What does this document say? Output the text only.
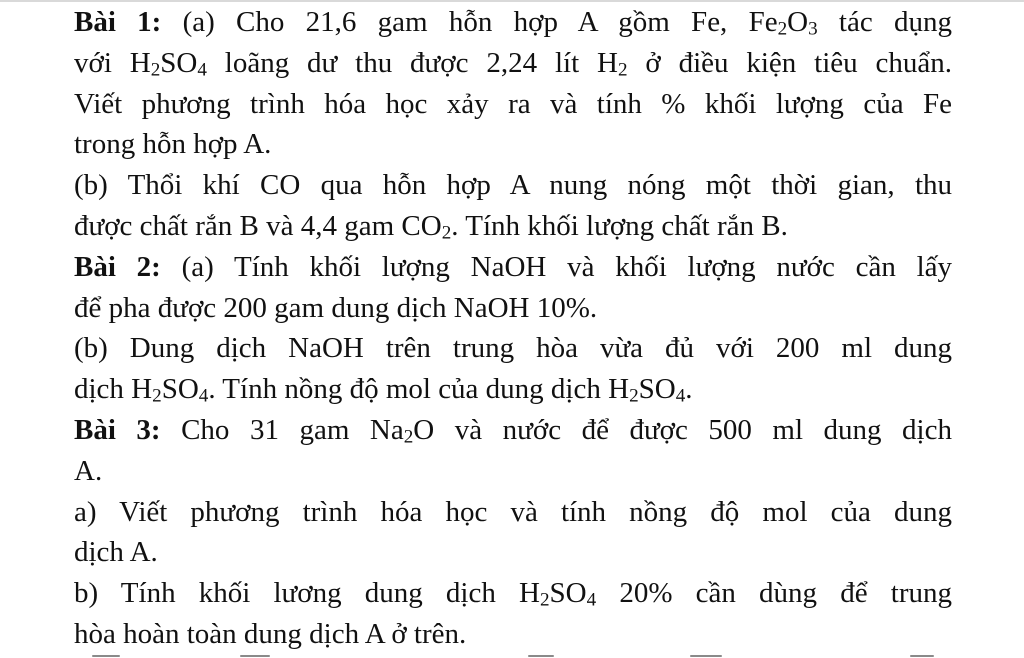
Bài 1: (a) Cho 21,6 gam hỗn hợp A gồm Fe, $Fe_2O_3$ tác dụng
với $H_2SO_4$ loãng dư thu được 2,24 lít $H_2$ ở điều kiện tiêu chuẩn.
Viết phương trình hóa học xảy ra và tính % khối lượng của Fe
trong hỗn hợp A.
(b) Thổi khí CO qua hỗn hợp A nung nóng một thời gian, thu
được chất rắn B và 4,4 gam $CO_2$. Tính khối lượng chất rắn B.
Bài 2: (a) Tính khối lượng NaOH và khối lượng nước cần lấy
để pha được 200 gam dung dịch NaOH 10%.
(b) Dung dịch NaOH trên trung hòa vừa đủ với 200 ml dung
dịch $H_2SO_4$. Tính nồng độ mol của dung dịch $H_2SO_4$.
Bài 3: Cho 31 gam $Na_2O$ và nước để được 500 ml dung dịch
A.
a) Viết phương trình hóa học và tính nồng độ mol của dung
dịch A.
b) Tính khối lương dung dịch $H_2SO_4$ 20% cần dùng để trung
hòa hoàn toàn dung dịch A ở trên.
